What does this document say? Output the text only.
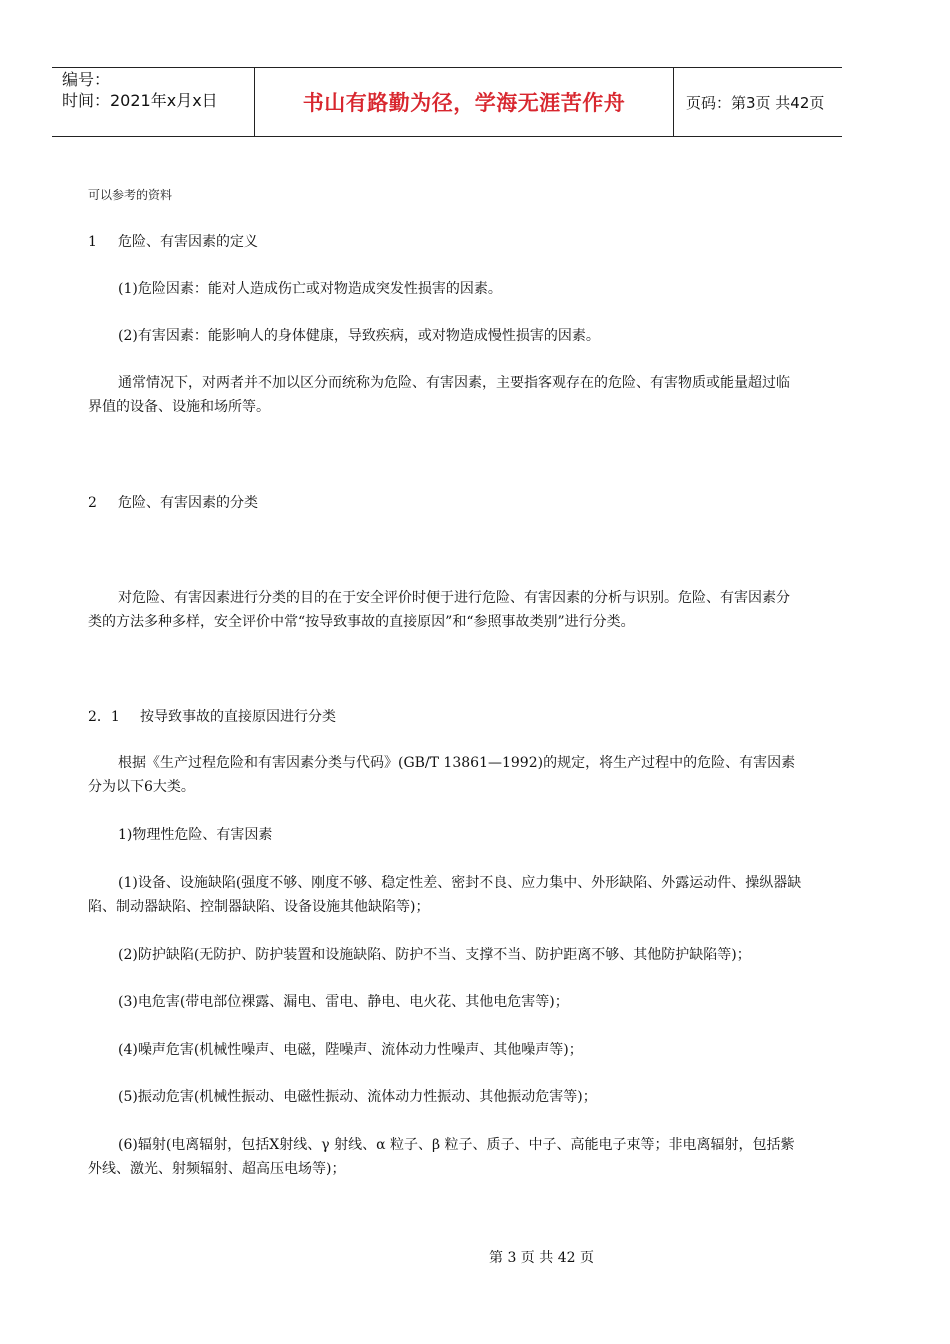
编号：
时间：2021年x月x日	书山有路勤为径，学海无涯苦作舟	页码：第3页 共42页
可以参考的资料
1 危险、有害因素的定义
(1)危险因素：能对人造成伤亡或对物造成突发性损害的因素。
(2)有害因素：能影响人的身体健康，导致疾病，或对物造成慢性损害的因素。
通常情况下，对两者并不加以区分而统称为危险、有害因素，主要指客观存在的危险、有害物质或能量超过临界值的设备、设施和场所等。
2 危险、有害因素的分类
对危险、有害因素进行分类的目的在于安全评价时便于进行危险、有害因素的分析与识别。危险、有害因素分类的方法多种多样，安全评价中常“按导致事故的直接原因”和“参照事故类别”进行分类。
2．1 按导致事故的直接原因进行分类
根据《生产过程危险和有害因素分类与代码》(GB/T 13861—1992)的规定，将生产过程中的危险、有害因素分为以下6大类。
1)物理性危险、有害因素
(1)设备、设施缺陷(强度不够、刚度不够、稳定性差、密封不良、应力集中、外形缺陷、外露运动件、操纵器缺陷、制动器缺陷、控制器缺陷、设备设施其他缺陷等)；
(2)防护缺陷(无防护、防护装置和设施缺陷、防护不当、支撑不当、防护距离不够、其他防护缺陷等)；
(3)电危害(带电部位裸露、漏电、雷电、静电、电火花、其他电危害等)；
(4)噪声危害(机械性噪声、电磁，陛噪声、流体动力性噪声、其他噪声等)；
(5)振动危害(机械性振动、电磁性振动、流体动力性振动、其他振动危害等)；
(6)辐射(电离辐射，包括X射线、γ 射线、α 粒子、β 粒子、质子、中子、高能电子束等；非电离辐射，包括紫外线、激光、射频辐射、超高压电场等)；
第 3 页 共 42 页
